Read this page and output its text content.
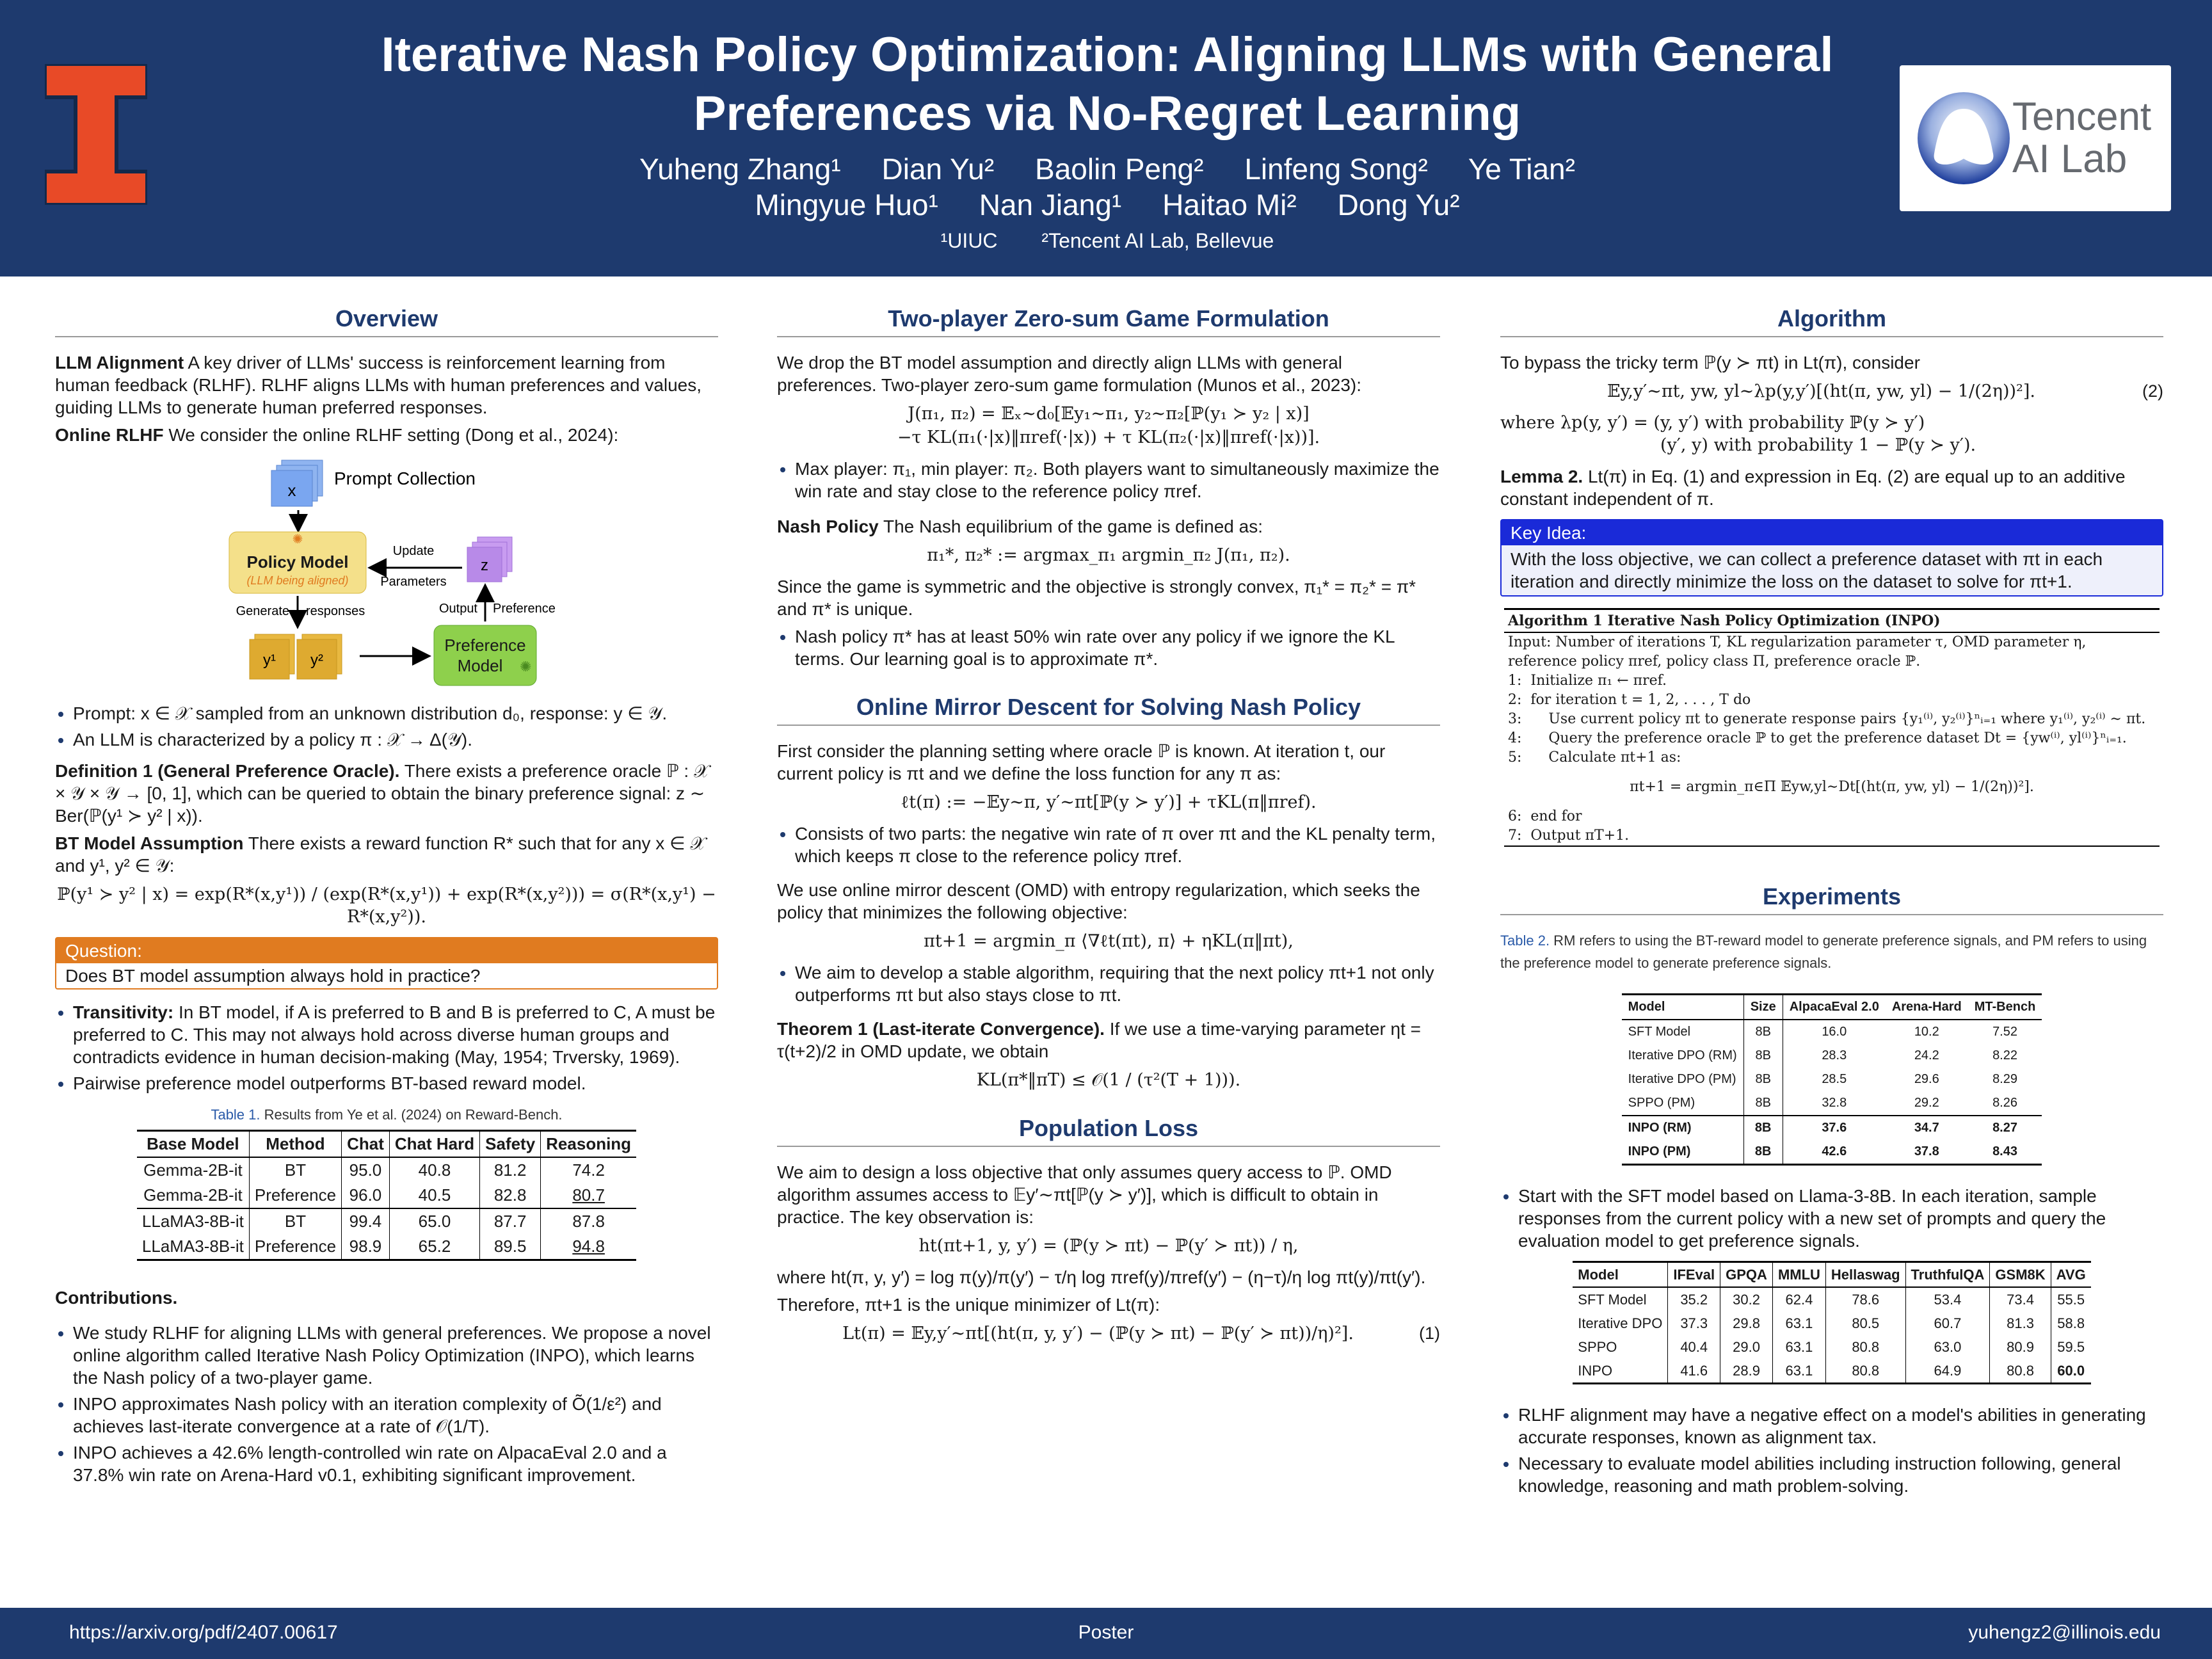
Iterative Nash Policy Optimization: Aligning LLMs with General Preferences via No-Regret Learning
Yuheng Zhang¹     Dian Yu²     Baolin Peng²     Linfeng Song²     Ye Tian²
Mingyue Huo¹     Nan Jiang¹     Haitao Mi²     Dong Yu²
¹UIUC ²Tencent AI Lab, Bellevue
Tencent
AI Lab
Overview

LLM Alignment A key driver of LLMs' success is reinforcement learning from human feedback (RLHF). RLHF aligns LLMs with human preferences and values, guiding LLMs to generate human preferred responses.

Online RLHF We consider the online RLHF setting (Dong et al., 2024):

x
Prompt Collection
✺
Policy Model
(LLM being aligned)
Update
Parameters
z
Generate responses
y¹ y²
Preference
Model ✺
Output Preference
• Prompt: x ∈ 𝒳 sampled from an unknown distribution d₀, response: y ∈ 𝒴.
• An LLM is characterized by a policy π : 𝒳 → Δ(𝒴).

Definition 1 (General Preference Oracle). There exists a preference oracle ℙ : 𝒳 × 𝒴 × 𝒴 → [0, 1], which can be queried to obtain the binary preference signal: z ∼ Ber(ℙ(y¹ ≻ y² | x)).

BT Model Assumption There exists a reward function R* such that for any x ∈ 𝒳 and y¹, y² ∈ 𝒴:

ℙ(y¹ ≻ y² | x) = exp(R*(x,y¹)) / (exp(R*(x,y¹)) + exp(R*(x,y²))) = σ(R*(x,y¹) − R*(x,y²)).
Question:
Does BT model assumption always hold in practice?
• Transitivity: In BT model, if A is preferred to B and B is preferred to C, A must be preferred to C. This may not always hold across diverse human groups and contradicts evidence in human decision-making (May, 1954; Trversky, 1969).
• Pairwise preference model outperforms BT-based reward model.
Table 1. Results from Ye et al. (2024) on Reward-Bench.
Base Model	Method	Chat	Chat Hard	Safety	Reasoning
Gemma-2B-it	BT	95.0	40.8	81.2	74.2
Gemma-2B-it	Preference	96.0	40.5	82.8	80.7
LLaMA3-8B-it	BT	99.4	65.0	87.7	87.8
LLaMA3-8B-it	Preference	98.9	65.2	89.5	94.8

Contributions.

• We study RLHF for aligning LLMs with general preferences. We propose a novel online algorithm called Iterative Nash Policy Optimization (INPO), which learns the Nash policy of a two-player game.
• INPO approximates Nash policy with an iteration complexity of Õ(1/ε²) and achieves last-iterate convergence at a rate of 𝒪(1/T).
• INPO achieves a 42.6% length-controlled win rate on AlpacaEval 2.0 and a 37.8% win rate on Arena-Hard v0.1, exhibiting significant improvement.
Two-player Zero-sum Game Formulation

We drop the BT model assumption and directly align LLMs with general preferences. Two-player zero-sum game formulation (Munos et al., 2023):

J(π₁, π₂) = 𝔼ₓ∼d₀[𝔼y₁∼π₁, y₂∼π₂[ℙ(y₁ ≻ y₂ | x)]
−τ KL(π₁(·|x)‖πref(·|x)) + τ KL(π₂(·|x)‖πref(·|x))].
• Max player: π₁, min player: π₂. Both players want to simultaneously maximize the win rate and stay close to the reference policy πref.

Nash Policy The Nash equilibrium of the game is defined as:

π₁*, π₂* := argmax_π₁ argmin_π₂ J(π₁, π₂).

Since the game is symmetric and the objective is strongly convex, π₁* = π₂* = π* and π* is unique.

• Nash policy π* has at least 50% win rate over any policy if we ignore the KL terms. Our learning goal is to approximate π*.
Online Mirror Descent for Solving Nash Policy

First consider the planning setting where oracle ℙ is known. At iteration t, our current policy is πt and we define the loss function for any π as:

ℓt(π) := −𝔼y∼π, y′∼πt[ℙ(y ≻ y′)] + τKL(π‖πref).
• Consists of two parts: the negative win rate of π over πt and the KL penalty term, which keeps π close to the reference policy πref.

We use online mirror descent (OMD) with entropy regularization, which seeks the policy that minimizes the following objective:

πt+1 = argmin_π ⟨∇ℓt(πt), π⟩ + ηKL(π‖πt),
• We aim to develop a stable algorithm, requiring that the next policy πt+1 not only outperforms πt but also stays close to πt.

Theorem 1 (Last-iterate Convergence). If we use a time-varying parameter ηt = τ(t+2)/2 in OMD update, we obtain

KL(π*‖πT) ≤ 𝒪(1 / (τ²(T + 1))).
Population Loss

We aim to design a loss objective that only assumes query access to ℙ. OMD algorithm assumes access to 𝔼y′∼πt[ℙ(y ≻ y′)], which is difficult to obtain in practice. The key observation is:

ht(πt+1, y, y′) = (ℙ(y ≻ πt) − ℙ(y′ ≻ πt)) / η,

where ht(π, y, y′) = log π(y)/π(y′) − τ/η log πref(y)/πref(y′) − (η−τ)/η log πt(y)/πt(y′).

Therefore, πt+1 is the unique minimizer of Lt(π):

(1)
Lt(π) = 𝔼y,y′∼πt[(ht(π, y, y′) − (ℙ(y ≻ πt) − ℙ(y′ ≻ πt))/η)²].
Algorithm

To bypass the tricky term ℙ(y ≻ πt) in Lt(π), consider

(2)
𝔼y,y′∼πt, yw, yl∼λp(y,y′)[(ht(π, yw, yl) − 1/(2η))²].
where λp(y, y′) = (y, y′) with probability ℙ(y ≻ y′)
(y′, y) with probability 1 − ℙ(y ≻ y′).

Lemma 2. Lt(π) in Eq. (1) and expression in Eq. (2) are equal up to an additive constant independent of π.

Key Idea:
With the loss objective, we can collect a preference dataset with πt in each iteration and directly minimize the loss on the dataset to solve for πt+1.
Algorithm 1 Iterative Nash Policy Optimization (INPO)
Input: Number of iterations T, KL regularization parameter τ, OMD parameter η, reference policy πref, policy class Π, preference oracle ℙ.
1:  Initialize π₁ ← πref.
2:  for iteration t = 1, 2, . . . , T do
3:      Use current policy πt to generate response pairs {y₁⁽ⁱ⁾, y₂⁽ⁱ⁾}ⁿᵢ₌₁ where y₁⁽ⁱ⁾, y₂⁽ⁱ⁾ ∼ πt.
4:      Query the preference oracle ℙ to get the preference dataset Dt = {yw⁽ⁱ⁾, yl⁽ⁱ⁾}ⁿᵢ₌₁.
5:      Calculate πt+1 as:
πt+1 = argmin_π∈Π 𝔼yw,yl∼Dt[(ht(π, yw, yl) − 1/(2η))²].
6:  end for
7:  Output πT+1.
Experiments
Table 2. RM refers to using the BT-reward model to generate preference signals, and PM refers to using the preference model to generate preference signals.
Model	Size	AlpacaEval 2.0	Arena-Hard	MT-Bench
SFT Model	8B	16.0	10.2	7.52
Iterative DPO (RM)	8B	28.3	24.2	8.22
Iterative DPO (PM)	8B	28.5	29.6	8.29
SPPO (PM)	8B	32.8	29.2	8.26
INPO (RM)	8B	37.6	34.7	8.27
INPO (PM)	8B	42.6	37.8	8.43
• Start with the SFT model based on Llama-3-8B. In each iteration, sample responses from the current policy with a new set of prompts and query the evaluation model to get preference signals.
Model	IFEval	GPQA	MMLU	Hellaswag	TruthfulQA	GSM8K	AVG
SFT Model	35.2	30.2	62.4	78.6	53.4	73.4	55.5
Iterative DPO	37.3	29.8	63.1	80.5	60.7	81.3	58.8
SPPO	40.4	29.0	63.1	80.8	63.0	80.9	59.5
INPO	41.6	28.9	63.1	80.8	64.9	80.8	60.0
• RLHF alignment may have a negative effect on a model's abilities in generating accurate responses, known as alignment tax.
• Necessary to evaluate model abilities including instruction following, general knowledge, reasoning and math problem-solving.
Poster
https://arxiv.org/pdf/2407.00617	yuhengz2@illinois.edu
